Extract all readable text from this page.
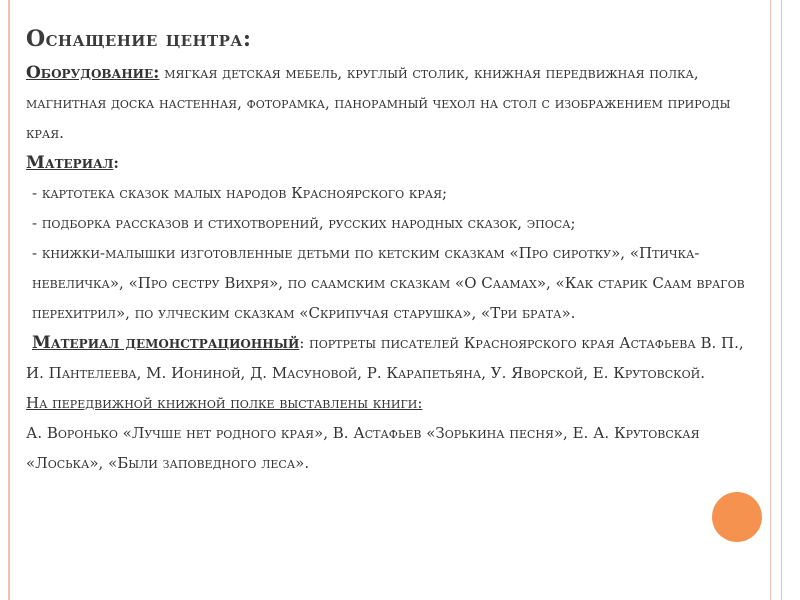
Оснащение центра:
Оборудование: мягкая детская мебель, круглый столик, книжная передвижная полка, магнитная доска настенная, фоторамка, панорамный чехол на стол с изображением природы края.
Материал:
- картотека сказок малых народов Красноярского края;
- подборка рассказов и стихотворений, русских народных сказок, эпоса;
- книжки-малышки изготовленные детьми по кетским сказкам «Про сиротку», «Птичка-невеличка», «Про сестру Вихря», по саамским сказкам «О Саамах», «Как старик Саам врагов перехитрил», по улческим сказкам «Скрипучая старушка», «Три брата».
Материал демонстрационный: портреты писателей Красноярского края Астафьева В. П., И. Пантелеева, М. Иониной, Д. Масуновой, Р. Карапетьяна, У. Яворской, Е. Крутовской.
На передвижной книжной полке выставлены книги:
А. Воронько «Лучше нет родного края», В. Астафьев «Зорькина песня», Е. А. Крутовская «Лоська», «Были заповедного леса».
